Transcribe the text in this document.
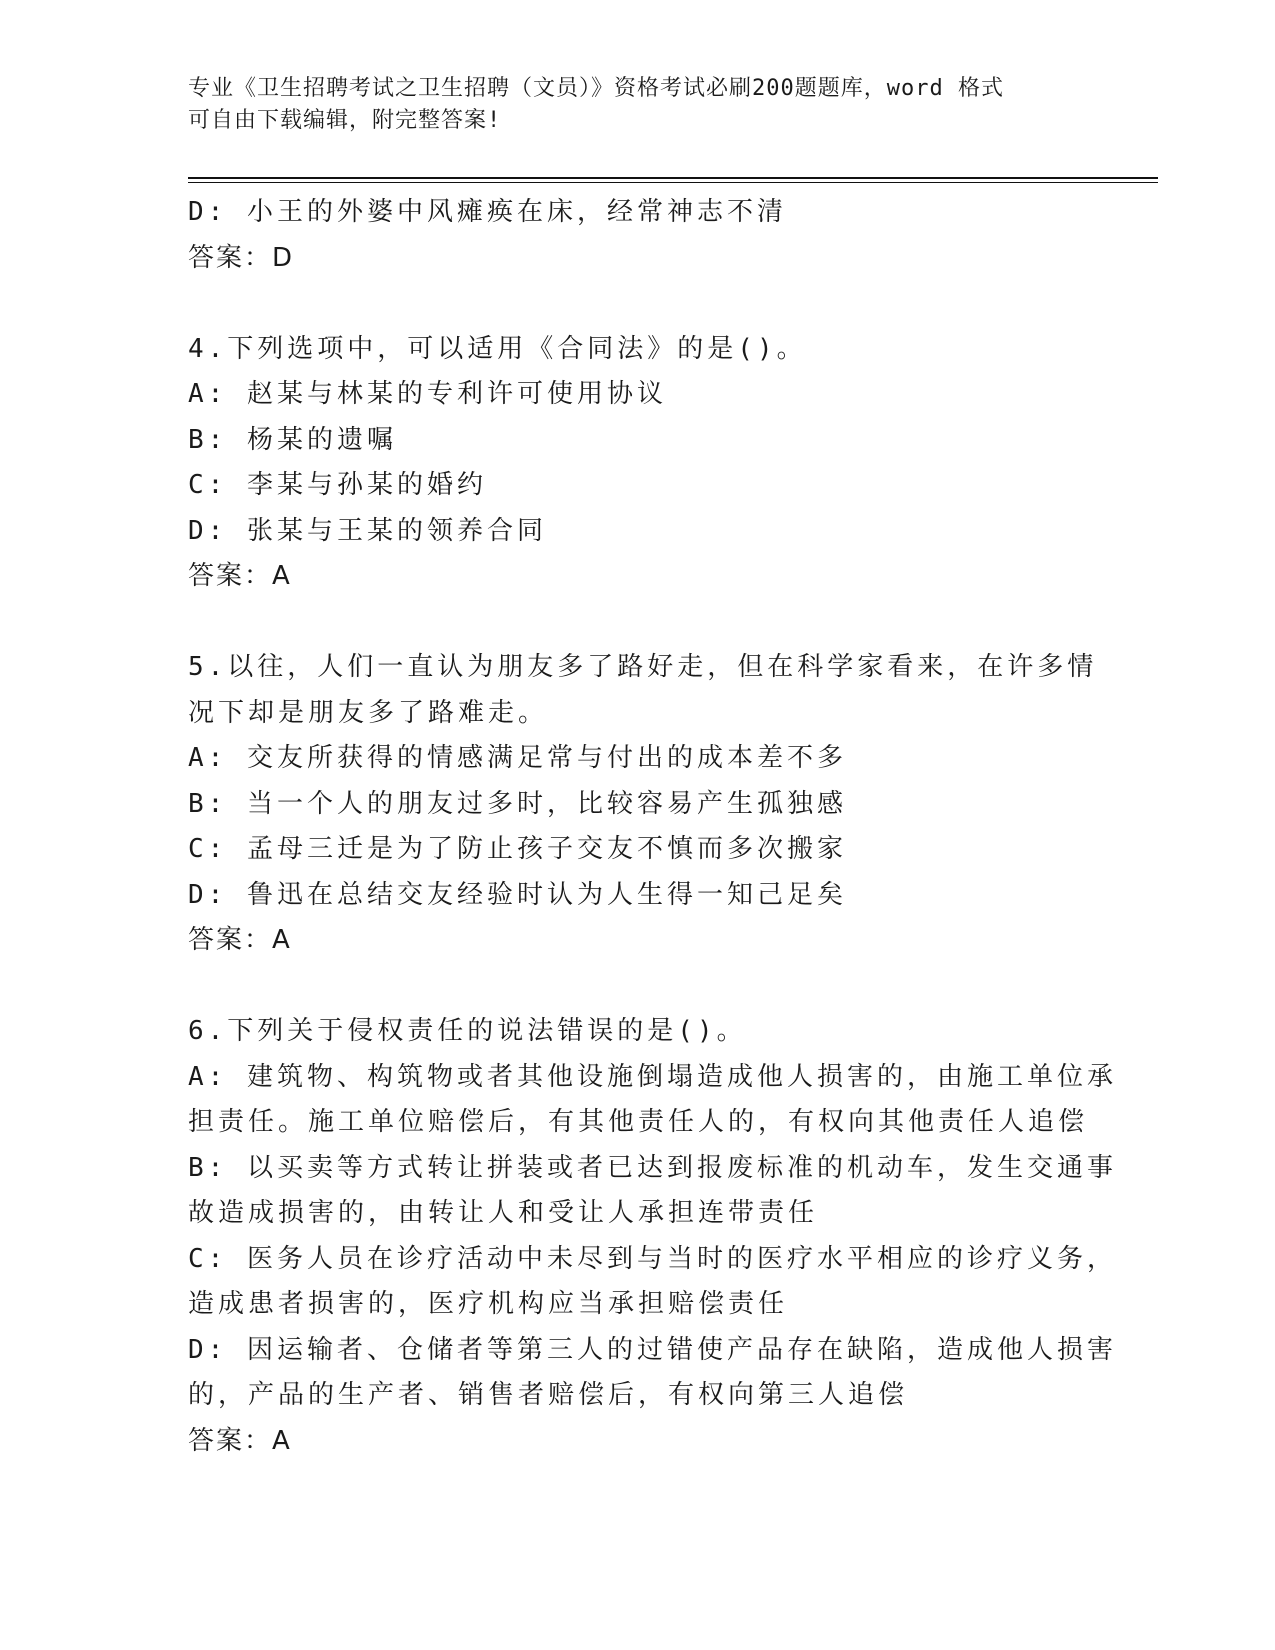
专业《卫生招聘考试之卫生招聘（文员）》资格考试必刷200题题库，word 格式
可自由下载编辑，附完整答案!
D: 小王的外婆中风瘫痪在床，经常神志不清
答案：D
4.下列选项中，可以适用《合同法》的是()。
A: 赵某与林某的专利许可使用协议
B: 杨某的遗嘱
C: 李某与孙某的婚约
D: 张某与王某的领养合同
答案：A
5.以往，人们一直认为朋友多了路好走，但在科学家看来，在许多情
况下却是朋友多了路难走。
A: 交友所获得的情感满足常与付出的成本差不多
B: 当一个人的朋友过多时，比较容易产生孤独感
C: 孟母三迁是为了防止孩子交友不慎而多次搬家
D: 鲁迅在总结交友经验时认为人生得一知己足矣
答案：A
6.下列关于侵权责任的说法错误的是()。
A: 建筑物、构筑物或者其他设施倒塌造成他人损害的，由施工单位承
担责任。施工单位赔偿后，有其他责任人的，有权向其他责任人追偿
B: 以买卖等方式转让拼装或者已达到报废标准的机动车，发生交通事
故造成损害的，由转让人和受让人承担连带责任
C: 医务人员在诊疗活动中未尽到与当时的医疗水平相应的诊疗义务，
造成患者损害的，医疗机构应当承担赔偿责任
D: 因运输者、仓储者等第三人的过错使产品存在缺陷，造成他人损害
的，产品的生产者、销售者赔偿后，有权向第三人追偿
答案：A
